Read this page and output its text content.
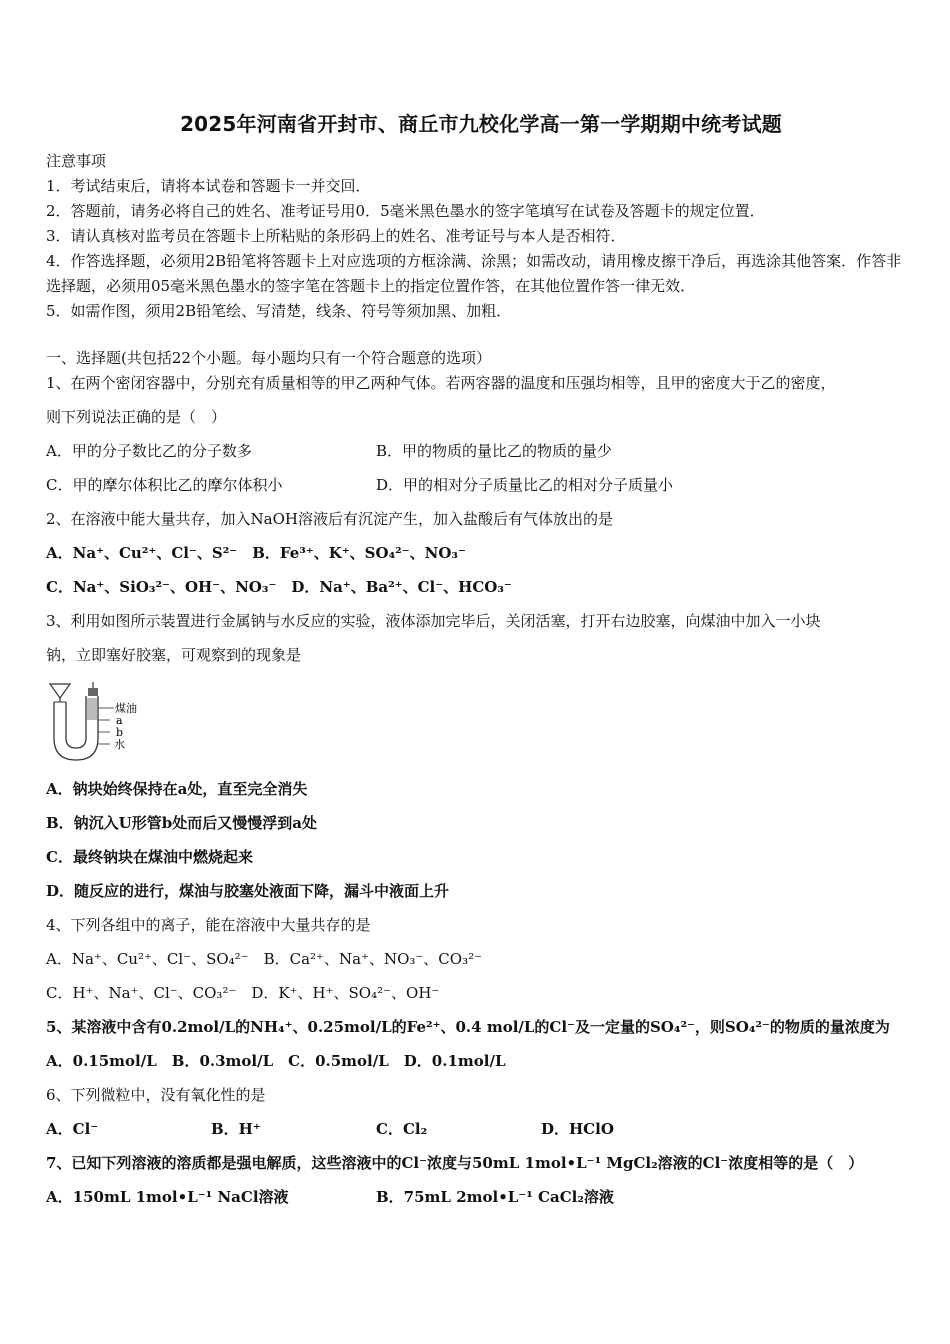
2025年河南省开封市、商丘市九校化学高一第一学期期中统考试题
注意事项
1．考试结束后，请将本试卷和答题卡一并交回．
2．答题前，请务必将自己的姓名、准考证号用0．5毫米黑色墨水的签字笔填写在试卷及答题卡的规定位置．
3．请认真核对监考员在答题卡上所粘贴的条形码上的姓名、准考证号与本人是否相符．
4．作答选择题，必须用2B铅笔将答题卡上对应选项的方框涂满、涂黑；如需改动，请用橡皮擦干净后，再选涂其他答案．作答非选择题，必须用05毫米黑色墨水的签字笔在答题卡上的指定位置作答，在其他位置作答一律无效．
5．如需作图，须用2B铅笔绘、写清楚，线条、符号等须加黑、加粗．
一、选择题(共包括22个小题。每小题均只有一个符合题意的选项）
1、在两个密闭容器中，分别充有质量相等的甲乙两种气体。若两容器的温度和压强均相等，且甲的密度大于乙的密度，
则下列说法正确的是（　）
A．甲的分子数比乙的分子数多	B．甲的物质的量比乙的物质的量少
C．甲的摩尔体积比乙的摩尔体积小	D．甲的相对分子质量比乙的相对分子质量小
2、在溶液中能大量共存，加入NaOH溶液后有沉淀产生，加入盐酸后有气体放出的是
A．Na⁺、Cu²⁺、Cl⁻、S²⁻　B．Fe³⁺、K⁺、SO₄²⁻、NO₃⁻
C．Na⁺、SiO₃²⁻、OH⁻、NO₃⁻　D．Na⁺、Ba²⁺、Cl⁻、HCO₃⁻
3、利用如图所示装置进行金属钠与水反应的实验，液体添加完毕后，关闭活塞，打开右边胶塞，向煤油中加入一小块
钠，立即塞好胶塞，可观察到的现象是
煤油
a
b
水
A．钠块始终保持在a处，直至完全消失
B．钠沉入U形管b处而后又慢慢浮到a处
C．最终钠块在煤油中燃烧起来
D．随反应的进行，煤油与胶塞处液面下降，漏斗中液面上升
4、下列各组中的离子，能在溶液中大量共存的是
A．Na⁺、Cu²⁺、Cl⁻、SO₄²⁻　B．Ca²⁺、Na⁺、NO₃⁻、CO₃²⁻
C．H⁺、Na⁺、Cl⁻、CO₃²⁻　D．K⁺、H⁺、SO₄²⁻、OH⁻
5、某溶液中含有0.2mol/L的NH₄⁺、0.25mol/L的Fe²⁺、0.4 mol/L的Cl⁻及一定量的SO₄²⁻，则SO₄²⁻的物质的量浓度为
A．0.15mol/L　B．0.3mol/L　C．0.5mol/L　D．0.1mol/L
6、下列微粒中，没有氧化性的是
A．Cl⁻	B．H⁺	C．Cl₂	D．HClO
7、已知下列溶液的溶质都是强电解质，这些溶液中的Cl⁻浓度与50mL 1mol•L⁻¹ MgCl₂溶液的Cl⁻浓度相等的是（　）
A．150mL 1mol•L⁻¹ NaCl溶液	B．75mL 2mol•L⁻¹ CaCl₂溶液
